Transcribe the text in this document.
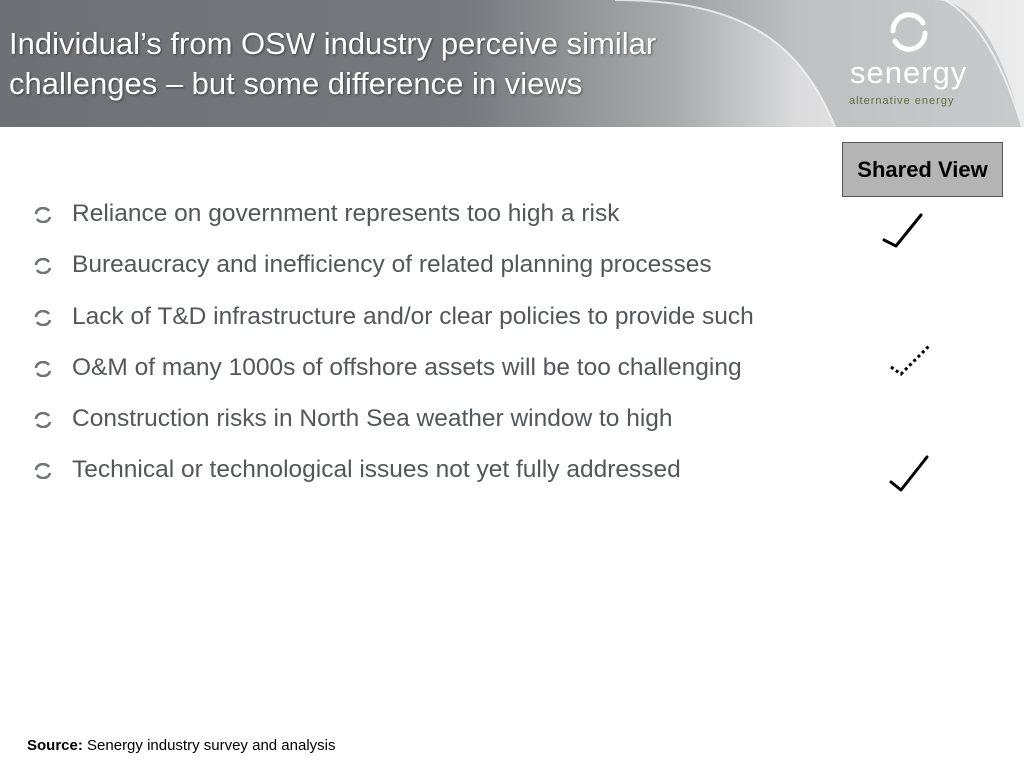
Individual’s from OSW industry perceive similar
challenges – but some difference in views	senergy
alternative energy
Shared View
Reliance on government represents too high a risk
Bureaucracy and inefficiency of related planning processes
Lack of T&D infrastructure and/or clear policies to provide such
O&M of many 1000s of offshore assets will be too challenging
Construction risks in North Sea weather window to high
Technical or technological issues not yet fully addressed
Source: Senergy industry survey and analysis
